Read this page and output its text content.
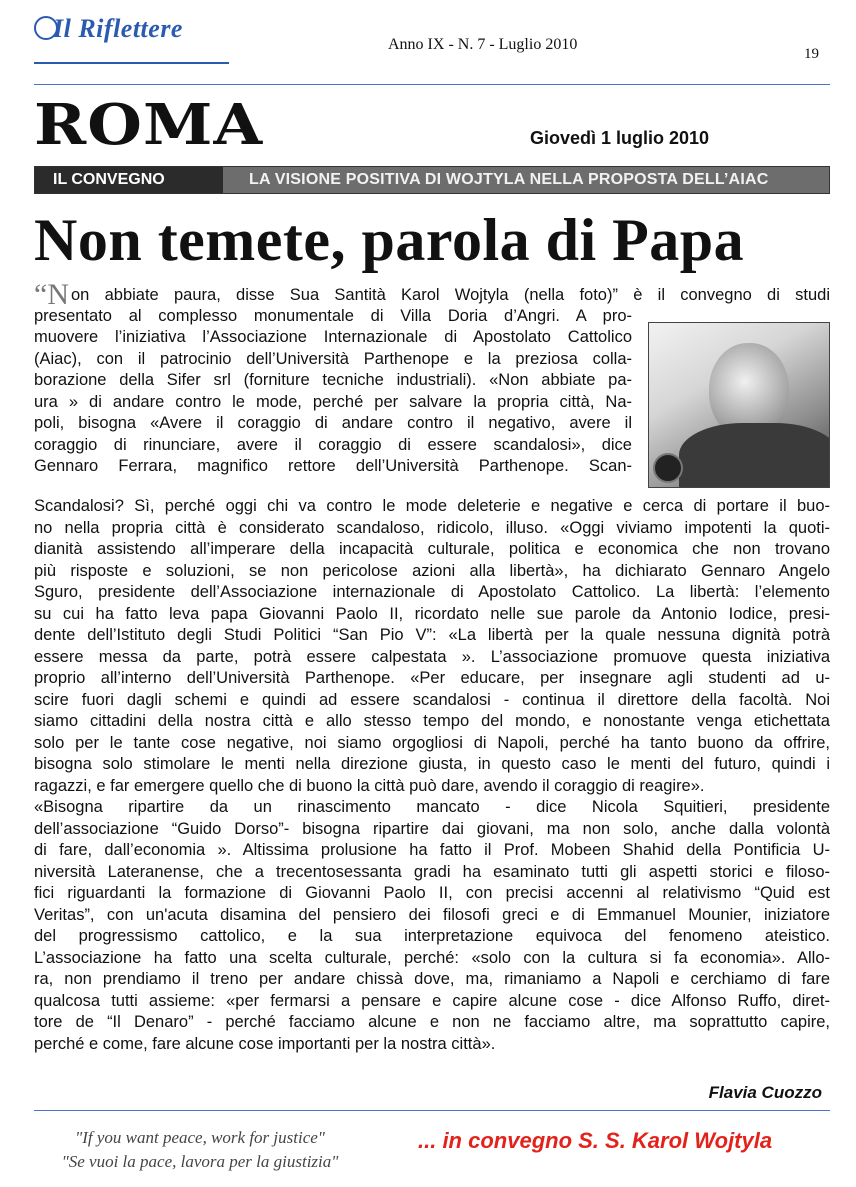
Il Riflettere
Anno IX - N. 7 - Luglio 2010
19
ROMA	Giovedì 1 luglio 2010
IL CONVEGNO	LA VISIONE POSITIVA DI WOJTYLA NELLA PROPOSTA DELL’AIAC
Non temete, parola di Papa
“N on abbiate paura, disse Sua Santità Karol Wojtyla (nella foto)” è il convegno di studi
presentato al complesso monumentale di Villa Doria d’Angri. A pro-
muovere l’iniziativa l’Associazione Internazionale di Apostolato Cattolico
(Aiac), con il patrocinio dell’Università Parthenope e la preziosa colla-
borazione della Sifer srl (forniture tecniche industriali). «Non abbiate pa-
ura » di andare contro le mode, perché per salvare la propria città, Na-
poli, bisogna «Avere il coraggio di andare contro il negativo, avere il
coraggio di rinunciare, avere il coraggio di essere scandalosi», dice
Gennaro Ferrara, magnifico rettore dell’Università Parthenope. Scan-
Scandalosi? Sì, perché oggi chi va contro le mode deleterie e negative e cerca di portare il buo-
no nella propria città è considerato scandaloso, ridicolo, illuso. «Oggi viviamo impotenti la quoti-
dianità assistendo all’imperare della incapacità culturale, politica e economica che non trovano
più risposte e soluzioni, se non pericolose azioni alla libertà», ha dichiarato Gennaro Angelo
Sguro, presidente dell’Associazione internazionale di Apostolato Cattolico. La libertà: l’elemento
su cui ha fatto leva papa Giovanni Paolo II, ricordato nelle sue parole da Antonio Iodice, presi-
dente dell’Istituto degli Studi Politici “San Pio V”: «La libertà per la quale nessuna dignità potrà
essere messa da parte, potrà essere calpestata ». L’associazione promuove questa iniziativa
proprio all’interno dell’Università Parthenope. «Per educare, per insegnare agli studenti ad u-
scire fuori dagli schemi e quindi ad essere scandalosi - continua il direttore della facoltà. Noi
siamo cittadini della nostra città e allo stesso tempo del mondo, e nonostante venga etichettata
solo per le tante cose negative, noi siamo orgogliosi di Napoli, perché ha tanto buono da offrire,
bisogna solo stimolare le menti nella direzione giusta, in questo caso le menti del futuro, quindi i
ragazzi, e far emergere quello che di buono la città può dare, avendo il coraggio di reagire».
«Bisogna ripartire da un rinascimento mancato - dice Nicola Squitieri, presidente
dell’associazione “Guido Dorso”- bisogna ripartire dai giovani, ma non solo, anche dalla volontà
di fare, dall’economia ». Altissima prolusione ha fatto il Prof. Mobeen Shahid della Pontificia U-
niversità Lateranense, che a trecentosessanta gradi ha esaminato tutti gli aspetti storici e filoso-
fici riguardanti la formazione di Giovanni Paolo II, con precisi accenni al relativismo “Quid est
Veritas”, con un'acuta disamina del pensiero dei filosofi greci e di Emmanuel Mounier, iniziatore
del progressismo cattolico, e la sua interpretazione equivoca del fenomeno ateistico.
L’associazione ha fatto una scelta culturale, perché: «solo con la cultura si fa economia». Allo-
ra, non prendiamo il treno per andare chissà dove, ma, rimaniamo a Napoli e cerchiamo di fare
qualcosa tutti assieme: «per fermarsi a pensare e capire alcune cose - dice Alfonso Ruffo, diret-
tore de “Il Denaro” - perché facciamo alcune e non ne facciamo altre, ma soprattutto capire,
perché e come, fare alcune cose importanti per la nostra città».
Flavia Cuozzo
"If you want peace, work for justice"
"Se vuoi la pace, lavora per la giustizia"
... in convegno S. S. Karol Wojtyla
